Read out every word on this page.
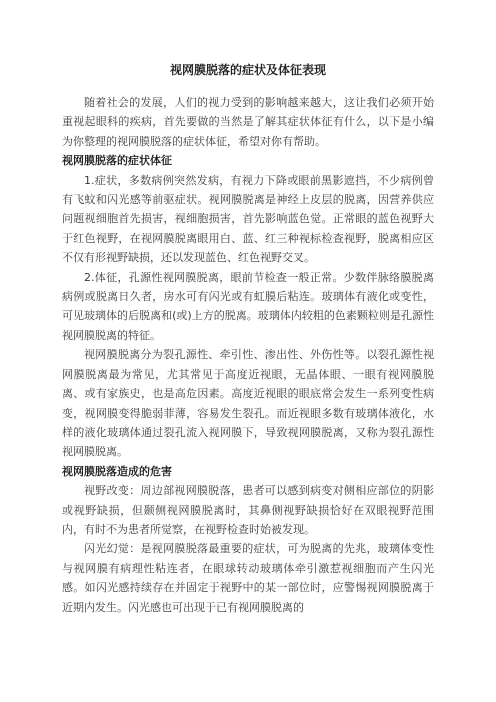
视网膜脱落的症状及体征表现

随着社会的发展，人们的视力受到的影响越来越大，这让我们必须开始重视起眼科的疾病，首先要做的当然是了解其症状体征有什么，以下是小编为你整理的视网膜脱落的症状体征，希望对你有帮助。

视网膜脱落的症状体征

1.症状，多数病例突然发病，有视力下降或眼前黑影遮挡，不少病例曾有飞蚊和闪光感等前驱症状。视网膜脱离是神经上皮层的脱离，因营养供应问题视细胞首先损害，视细胞损害，首先影响蓝色觉。正常眼的蓝色视野大于红色视野，在视网膜脱离眼用白、蓝、红三种视标检查视野，脱离相应区不仅有形视野缺损，还以发现蓝色、红色视野交叉。

2.体征，孔源性视网膜脱离，眼前节检查一般正常。少数伴脉络膜脱离病例或脱离日久者，房水可有闪光或有虹膜后粘连。玻璃体有液化或变性，可见玻璃体的后脱离和(或)上方的脱离。玻璃体内较粗的色素颗粒则是孔源性视网膜脱离的特征。

视网膜脱离分为裂孔源性、牵引性、渗出性、外伤性等。以裂孔源性视网膜脱离最为常见，尤其常见于高度近视眼，无晶体眼、一眼有视网膜脱离、或有家族史，也是高危因素。高度近视眼的眼底常会发生一系列变性病变，视网膜变得脆弱菲薄，容易发生裂孔。而近视眼多数有玻璃体液化，水样的液化玻璃体通过裂孔流入视网膜下，导致视网膜脱离，又称为裂孔源性视网膜脱离。

视网膜脱落造成的危害

视野改变：周边部视网膜脱落，患者可以感到病变对侧相应部位的阴影或视野缺损，但颞侧视网膜脱离时，其鼻侧视野缺损恰好在双眼视野范围内，有时不为患者所觉察，在视野检查时始被发现。

闪光幻觉：是视网膜脱落最重要的症状，可为脱离的先兆，玻璃体变性与视网膜有病理性粘连者，在眼球转动玻璃体牵引激惹视细胞而产生闪光感。如闪光感持续存在并固定于视野中的某一部位时，应警惕视网膜脱离于近期内发生。闪光感也可出现于已有视网膜脱离的
